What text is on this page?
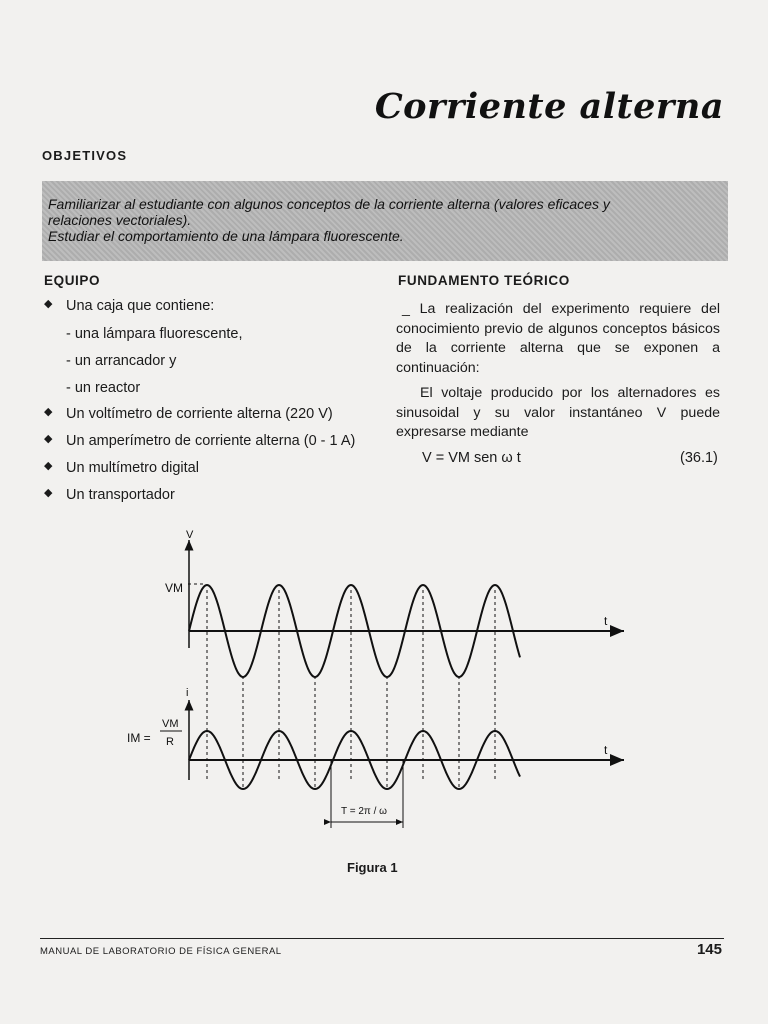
Corriente alterna
OBJETIVOS
Familiarizar al estudiante con algunos conceptos de la corriente alterna (valores eficaces y
relaciones vectoriales).
Estudiar el comportamiento de una lámpara fluorescente.
EQUIPO
◆ Una caja que contiene:
- una lámpara fluorescente,
- un arrancador y
- un reactor
◆ Un voltímetro de corriente alterna (220 V)
◆ Un amperímetro de corriente alterna (0 - 1 A)
◆ Un multímetro digital
◆ Un transportador
FUNDAMENTO TEÓRICO

_ La realización del experimento requiere del conocimiento previo de algunos conceptos básicos de la corriente alterna que se exponen a continuación:

El voltaje producido por los alternadores es sinusoidal y su valor instantáneo V puede expresarse mediante

V = VM sen ω t	(36.1)
V
t
VM
i
t
IM =
VM
R
T = 2π / ω
Figura 1
MANUAL DE LABORATORIO DE FÍSICA GENERAL	145
